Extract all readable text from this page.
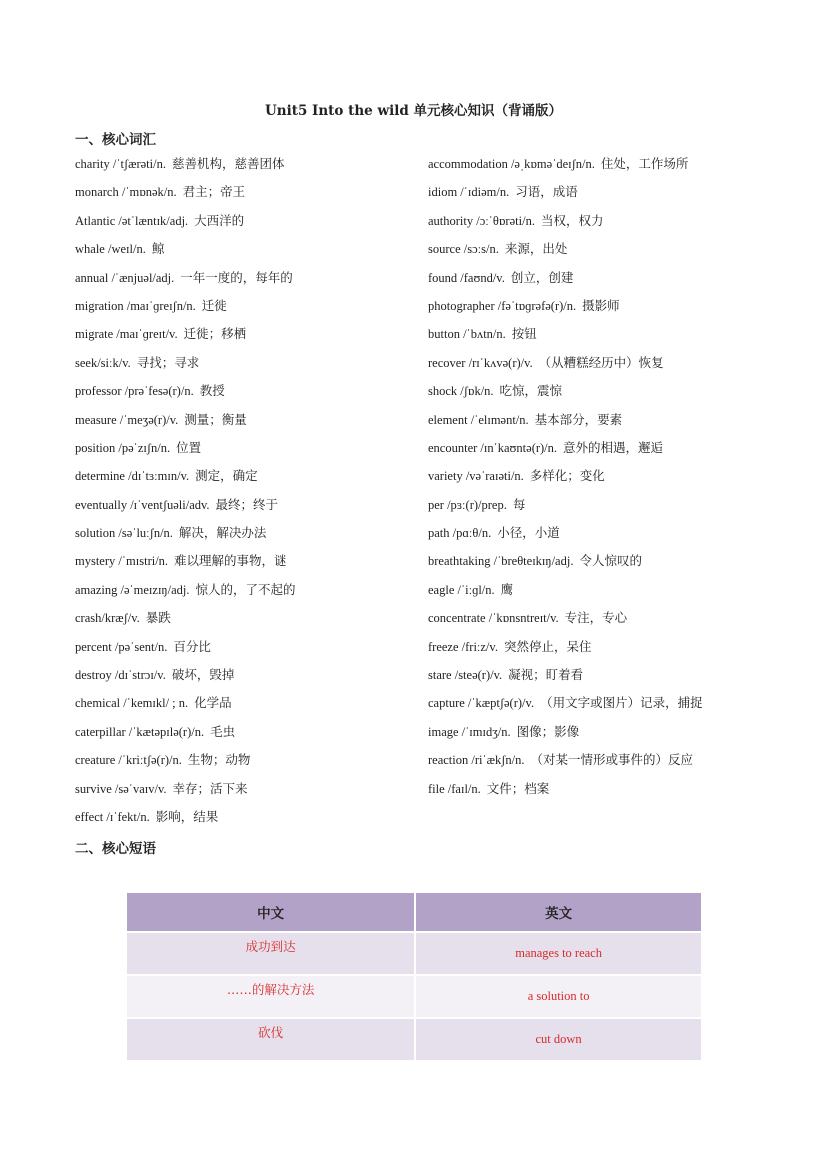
Unit5 Into the wild 单元核心知识（背诵版）
一、核心词汇
charity /ˈtʃærəti/n. 慈善机构，慈善团体
monarch /ˈmɒnək/n. 君主；帝王
Atlantic /ətˈlæntɪk/adj. 大西洋的
whale /weɪl/n. 鲸
annual /ˈænjuəl/adj. 一年一度的，每年的
migration /maɪˈɡreɪʃn/n. 迁徙
migrate /maɪˈɡreɪt/v. 迁徙；移栖
seek/siːk/v. 寻找；寻求
professor /prəˈfesə(r)/n. 教授
measure /ˈmeʒə(r)/v. 测量；衡量
position /pəˈzɪʃn/n. 位置
determine /dɪˈtɜːmɪn/v. 测定，确定
eventually /ɪˈventʃuəli/adv. 最终；终于
solution /səˈluːʃn/n. 解决，解决办法
mystery /ˈmɪstri/n. 难以理解的事物，谜
amazing /əˈmeɪzɪŋ/adj. 惊人的，了不起的
crash/kræʃ/v. 暴跌
percent /pəˈsent/n. 百分比
destroy /dɪˈstrɔɪ/v. 破坏，毁掉
chemical /ˈkemɪkl/ ; n. 化学品
caterpillar /ˈkætəpɪlə(r)/n. 毛虫
creature /ˈkriːtʃə(r)/n. 生物；动物
survive /səˈvaɪv/v. 幸存；活下来
effect /ɪˈfekt/n. 影响，结果
accommodation /əˌkɒməˈdeɪʃn/n. 住处，工作场所
idiom /ˈɪdiəm/n. 习语，成语
authority /ɔːˈθɒrəti/n. 当权，权力
source /sɔːs/n. 来源，出处
found /faʊnd/v. 创立，创建
photographer /fəˈtɒɡrəfə(r)/n. 摄影师
button /ˈbʌtn/n. 按钮
recover /rɪˈkʌvə(r)/v. （从糟糕经历中）恢复
shock /ʃɒk/n. 吃惊，震惊
element /ˈelɪmənt/n. 基本部分，要素
encounter /ɪnˈkaʊntə(r)/n. 意外的相遇，邂逅
variety /vəˈraɪəti/n. 多样化；变化
per /pɜː(r)/prep. 每
path /pɑːθ/n. 小径，小道
breathtaking /ˈbreθteɪkɪŋ/adj. 令人惊叹的
eagle /ˈiːɡl/n. 鹰
concentrate /ˈkɒnsntreɪt/v. 专注，专心
freeze /friːz/v. 突然停止，呆住
stare /steə(r)/v. 凝视；盯着看
capture /ˈkæptʃə(r)/v. （用文字或图片）记录，捕捉
image /ˈɪmɪdʒ/n. 图像；影像
reaction /riˈækʃn/n. （对某一情形或事件的）反应
file /faɪl/n. 文件；档案
二、核心短语
中文	英文
成功到达	manages to reach
……的解决方法	a solution to
砍伐	cut down
